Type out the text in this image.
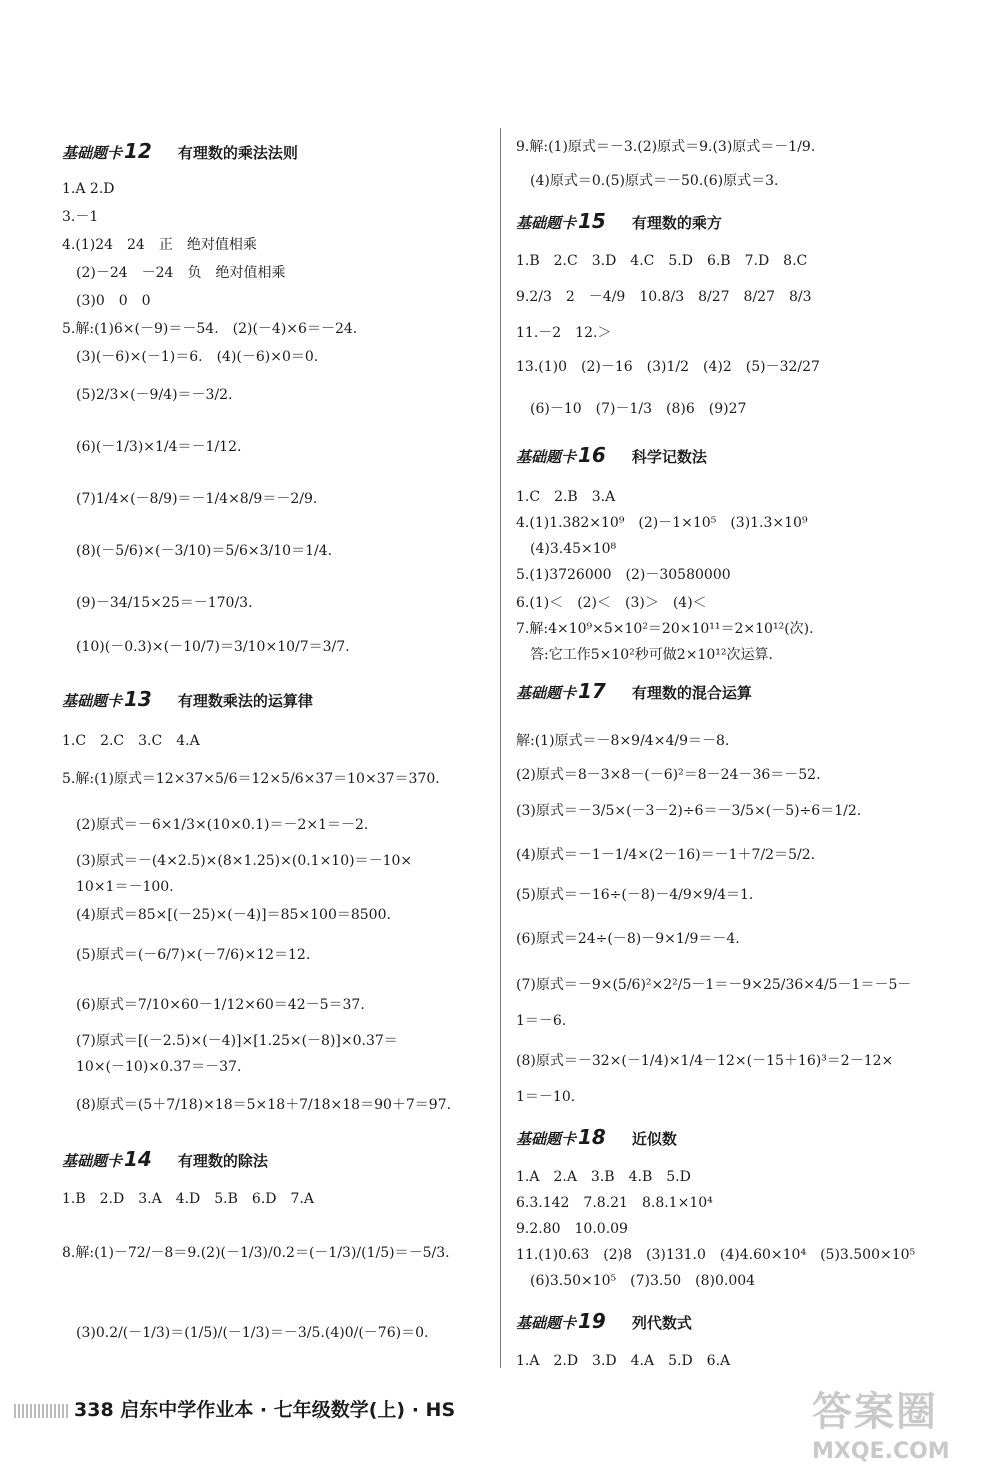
基础题卡 12 有理数的乘法法则
1.A 2.D
3.－1
4.(1)24　24　正　绝对值相乘
　(2)－24　－24　负　绝对值相乘
　(3)0　0　0
5.解:(1)6×(－9)＝－54.　(2)(－4)×6＝－24.
　(3)(－6)×(－1)＝6.　(4)(－6)×0＝0.
　(5)2/3×(－9/4)＝－3/2.
　(6)(－1/3)×1/4＝－1/12.
　(7)1/4×(－8/9)＝－1/4×8/9＝－2/9.
　(8)(－5/6)×(－3/10)＝5/6×3/10＝1/4.
　(9)－34/15×25＝－170/3.
　(10)(－0.3)×(－10/7)＝3/10×10/7＝3/7.
基础题卡 13 有理数乘法的运算律
1.C　2.C　3.C　4.A
5.解:(1)原式＝12×37×5/6＝12×5/6×37＝10×37＝370.
　(2)原式＝－6×1/3×(10×0.1)＝－2×1＝－2.
　(3)原式＝－(4×2.5)×(8×1.25)×(0.1×10)＝－10×
　10×1＝－100.
　(4)原式＝85×[(－25)×(－4)]＝85×100＝8500.
　(5)原式＝(－6/7)×(－7/6)×12＝12.
　(6)原式＝7/10×60－1/12×60＝42－5＝37.
　(7)原式＝[(－2.5)×(－4)]×[1.25×(－8)]×0.37＝
　10×(－10)×0.37＝－37.
　(8)原式＝(5＋7/18)×18＝5×18＋7/18×18＝90＋7＝97.
基础题卡 14 有理数的除法
1.B　2.D　3.A　4.D　5.B　6.D　7.A
8.解:(1)－72/－8＝9.(2)(－1/3)/0.2＝(－1/3)/(1/5)＝－5/3.
　(3)0.2/(－1/3)＝(1/5)/(－1/3)＝－3/5.(4)0/(－76)＝0.
9.解:(1)原式＝－3.(2)原式＝9.(3)原式＝－1/9.
　(4)原式＝0.(5)原式＝－50.(6)原式＝3.
基础题卡 15 有理数的乘方
1.B　2.C　3.D　4.C　5.D　6.B　7.D　8.C
9.2/3　2　－4/9　10.8/3　8/27　8/27　8/3
11.－2　12.＞
13.(1)0　(2)－16　(3)1/2　(4)2　(5)－32/27
　(6)－10　(7)－1/3　(8)6　(9)27
基础题卡 16 科学记数法
1.C　2.B　3.A
4.(1)1.382×10⁹　(2)－1×10⁵　(3)1.3×10⁹
　(4)3.45×10⁸
5.(1)3726000　(2)－30580000
6.(1)＜　(2)＜　(3)＞　(4)＜
7.解:4×10⁹×5×10²＝20×10¹¹＝2×10¹²(次).
　答:它工作5×10²秒可做2×10¹²次运算.
基础题卡 17 有理数的混合运算
解:(1)原式＝－8×9/4×4/9＝－8.
(2)原式＝8－3×8－(－6)²＝8－24－36＝－52.
(3)原式＝－3/5×(－3－2)÷6＝－3/5×(－5)÷6＝1/2.
(4)原式＝－1－1/4×(2－16)＝－1＋7/2＝5/2.
(5)原式＝－16÷(－8)－4/9×9/4＝1.
(6)原式＝24÷(－8)－9×1/9＝－4.
(7)原式＝－9×(5/6)²×2²/5－1＝－9×25/36×4/5－1＝－5－
1＝－6.
(8)原式＝－32×(－1/4)×1/4－12×(－15＋16)³＝2－12×
1＝－10.
基础题卡 18 近似数
1.A　2.A　3.B　4.B　5.D
6.3.142　7.8.21　8.8.1×10⁴
9.2.80　10.0.09
11.(1)0.63　(2)8　(3)131.0　(4)4.60×10⁴　(5)3.500×10⁵
　(6)3.50×10⁵　(7)3.50　(8)0.004
基础题卡 19 列代数式
1.A　2.D　3.D　4.A　5.D　6.A
338 启东中学作业本 · 七年级数学(上) · HS	答案圈
MXQE.COM
